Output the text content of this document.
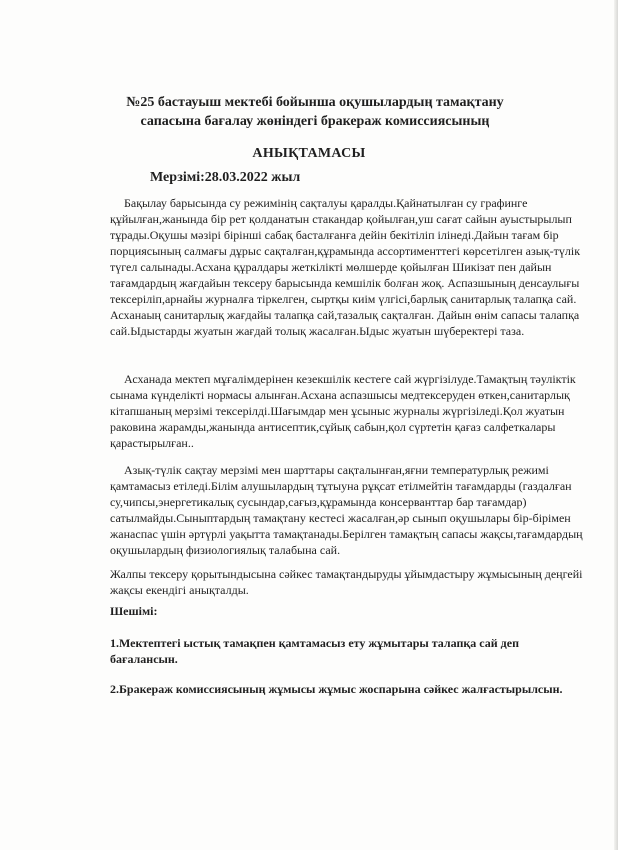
№25 бастауыш мектебі бойынша оқушылардың тамақтану сапасына бағалау жөніндегі бракераж комиссиясының
АНЫҚТАМАСЫ
Мерзімі:28.03.2022 жыл

Бақылау барысында су режимінің сақталуы қаралды.Қайнатылған су графинге құйылған,жанында бір рет қолданатын стакандар қойылған,уш сағат сайын ауыстырылып тұрады.Оқушы мәзірі бірінші сабақ басталғанға дейін бекітіліп ілінеді.Дайын тағам бір порциясының салмағы дұрыс сақталған,құрамында ассортименттегі көрсетілген азық-түлік түгел салынады.Асхана құралдары жеткілікті мөлшерде қойылған Шикізат пен дайын тағамдардың жағдайын тексеру барысында кемшілік болған жоқ. Аспазшының денсаулығы тексеріліп,арнайы журналға тіркелген, сыртқы киім үлгісі,барлық санитарлық талапқа сай. Асханаың санитарлық жағдайы талапқа сай,тазалық сақталған. Дайын өнім сапасы талапқа сай.Ыдыстарды жуатын жағдай толық жасалған.Ыдыс жуатын шүберектері таза.

Асханада мектеп мұғалімдерінен кезекшілік кестеге сай жүргізілуде.Тамақтың тәуліктік сынама күнделікті нормасы алынған.Асхана аспазшысы медтексеруден өткен,санитарлық кітапшаның мерзімі тексерілді.Шағымдар мен ұсыныс журналы жүргізіледі.Қол жуатын раковина жарамды,жанында антисептик,сұйық сабын,қол сүртетін қағаз салфеткалары қарастырылған..

Азық-түлік сақтау мерзімі мен шарттары сақталынған,яғни температурлық режимі қамтамасыз етіледі.Білім алушылардың тұтыуна рұқсат етілмейтін тағамдарды (газдалған су,чипсы,энергетикалық сусындар,сағыз,құрамында консерванттар бар тағамдар) сатылмайды.Сыныптардың тамақтану кестесі жасалған,әр сынып оқушылары бір-бірімен жанаспас үшін әртүрлі уақытта тамақтанады.Берілген тамақтың сапасы жақсы,тағамдардың оқушылардың физиологиялық талабына сай.

Жалпы тексеру қорытындысына сәйкес тамақтандыруды ұйымдастыру жұмысының деңгейі жақсы екендігі анықталды.

Шешімі:

1.Мектептегі ыстық тамақпен қамтамасыз ету жұмытары талапқа сай деп бағалансын.

2.Бракераж комиссиясының жұмысы жұмыс жоспарына сәйкес жалғастырылсын.
